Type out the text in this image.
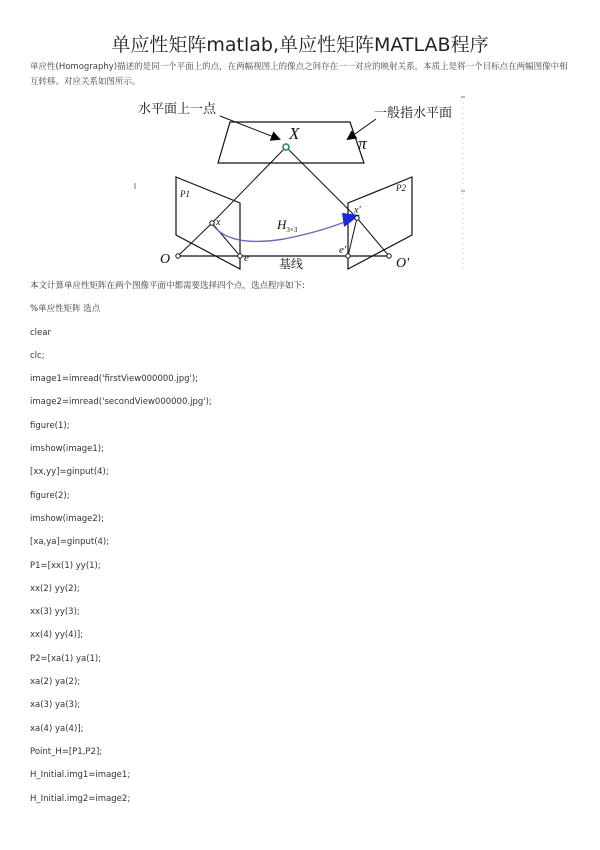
单应性矩阵matlab,单应性矩阵MATLAB程序
单应性(Homography)描述的是同一个平面上的点，在两幅视图上的像点之间存在一一对应的映射关系，本质上是将一个目标点在两幅图像中相互转移。对应关系如图所示。
水平面上一点	一般指水平面
X
π
P1
P2
x
x'
$H_{3\times 3}$
O	e
e'
O'
基线
本文计算单应性矩阵在两个图像平面中都需要选择四个点，选点程序如下:
%单应性矩阵 选点
clear
clc;
image1=imread('firstView000000.jpg');
image2=imread('secondView000000.jpg');
figure(1);
imshow(image1);
[xx,yy]=ginput(4);
figure(2);
imshow(image2);
[xa,ya]=ginput(4);
P1=[xx(1) yy(1);
xx(2) yy(2);
xx(3) yy(3);
xx(4) yy(4)];
P2=[xa(1) ya(1);
xa(2) ya(2);
xa(3) ya(3);
xa(4) ya(4)];
Point_H=[P1,P2];
H_Initial.img1=image1;
H_Initial.img2=image2;
